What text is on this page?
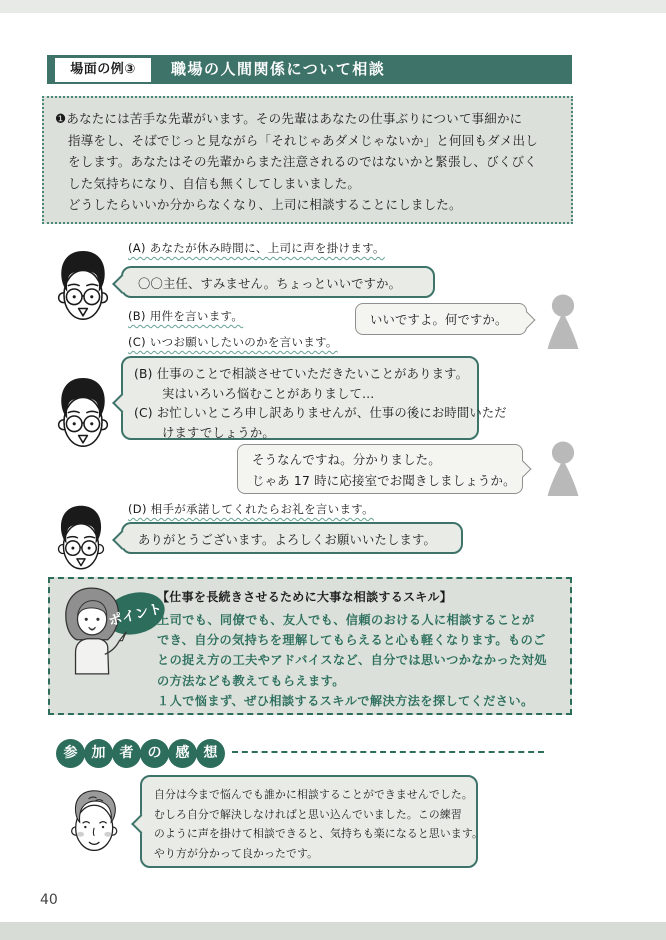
場面の例③	職場の人間関係について相談
❶あなたには苦手な先輩がいます。その先輩はあなたの仕事ぶりについて事細かに
指導をし、そばでじっと見ながら「それじゃあダメじゃないか」と何回もダメ出し
をします。あなたはその先輩からまた注意されるのではないかと緊張し、びくびく
した気持ちになり、自信も無くしてしまいました。
どうしたらいいか分からなくなり、上司に相談することにしました。
(A) あなたが休み時間に、上司に声を掛けます。
〇〇主任、すみません。ちょっといいですか。
(B) 用件を言います。	いいですよ。何ですか。
(C) いつお願いしたいのかを言います。
(B) 仕事のことで相談させていただきたいことがあります。
実はいろいろ悩むことがありまして…
(C) お忙しいところ申し訳ありませんが、仕事の後にお時間いただ
けますでしょうか。
そうなんですね。分かりました。
じゃあ 17 時に応接室でお聞きしましょうか。
(D) 相手が承諾してくれたらお礼を言います。
ありがとうございます。よろしくお願いいたします。
ポイント
【仕事を長続きさせるために大事な相談するスキル】
上司でも、同僚でも、友人でも、信頼のおける人に相談することが
でき、自分の気持ちを理解してもらえると心も軽くなります。ものご
との捉え方の工夫やアドバイスなど、自分では思いつかなかった対処
の方法なども教えてもらえます。
１人で悩まず、ぜひ相談するスキルで解決方法を探してください。
参	加	者	の	感	想
自分は今まで悩んでも誰かに相談することができませんでした。
むしろ自分で解決しなければと思い込んでいました。この練習
のように声を掛けて相談できると、気持ちも楽になると思います。
やり方が分かって良かったです。
40
